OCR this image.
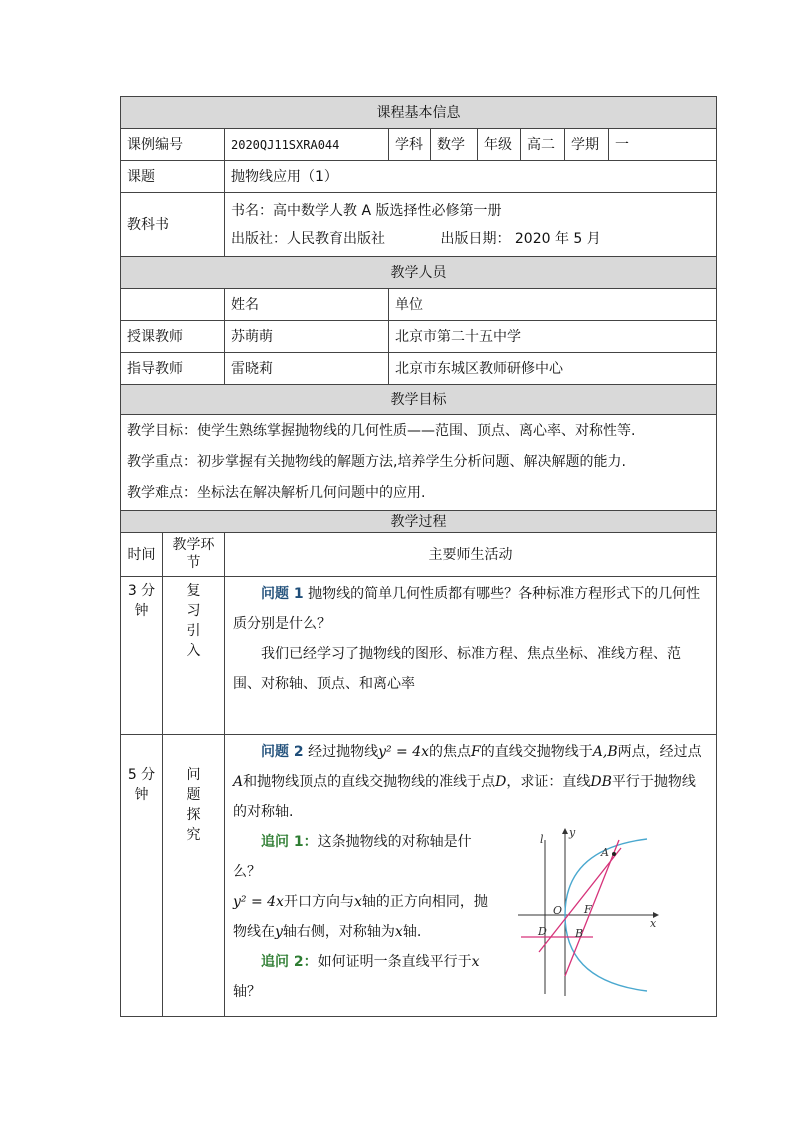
课程基本信息								
课例编号		2020QJ11SXRA044	学科	数学	年级	高二	学期	一
课题		抛物线应用（1）						
教科书		书名：高中数学人教 A 版选择性必修第一册

出版社：人民教育出版社 出版日期： 2020 年 5 月						

教学人员								
		姓名	单位					
授课教师		苏萌萌	北京市第二十五中学					
指导教师		雷晓莉	北京市东城区教师研修中心					
教学目标								

教学目标：使学生熟练掌握抛物线的几何性质——范围、顶点、离心率、对称性等.

教学重点：初步掌握有关抛物线的解题方法,培养学生分析问题、解决解题的能力.

教学难点：坐标法在解决解析几何问题中的应用.								

教学过程								
时间	教学环节	主要师生活动						
3 分钟	复习引入	问题 1 抛物线的简单几何性质都有哪些？各种标准方程形式下的几何性质分别是什么？

我们已经学习了抛物线的图形、标准方程、焦点坐标、准线方程、范围、对称轴、顶点、和离心率						

5 分钟	问题探究	问题 2 经过抛物线y² = 4x的焦点F的直线交抛物线于A,B两点，经过点A和抛物线顶点的直线交抛物线的准线于点D，求证：直线DB平行于抛物线的对称轴.

追问 1：这条抛物线的对称轴是什么？

y² = 4x开口方向与x轴的正方向相同，抛物线在y轴右侧，对称轴为x轴.

追问 2：如何证明一条直线平行于x轴？						

l
y
x
O F
A
B
D
